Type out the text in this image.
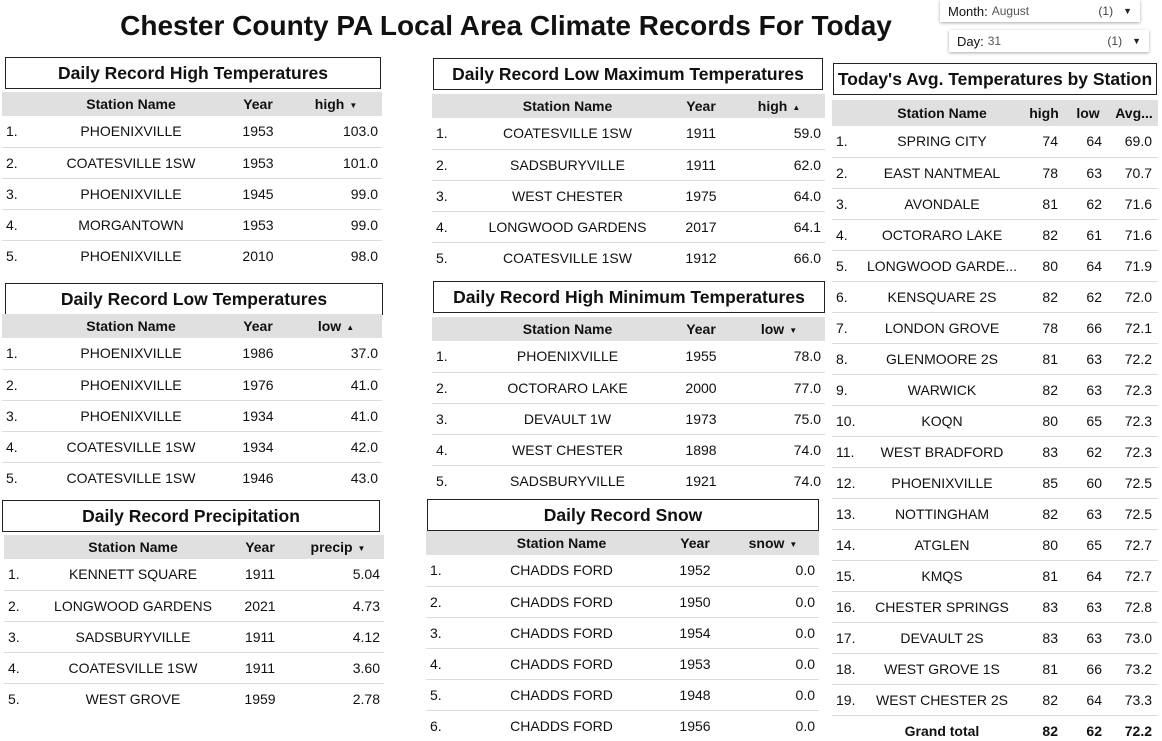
Chester County PA Local Area Climate Records For Today	Month: August	(1) ▼
Day: 31	(1) ▼
Daily Record High Temperatures
	Station Name	Year	high ▼
1.	PHOENIXVILLE	1953	103.0
2.	COATESVILLE 1SW	1953	101.0
3.	PHOENIXVILLE	1945	99.0
4.	MORGANTOWN	1953	99.0
5.	PHOENIXVILLE	2010	98.0
Daily Record Low Temperatures
	Station Name	Year	low ▲
1.	PHOENIXVILLE	1986	37.0
2.	PHOENIXVILLE	1976	41.0
3.	PHOENIXVILLE	1934	41.0
4.	COATESVILLE 1SW	1934	42.0
5.	COATESVILLE 1SW	1946	43.0
Daily Record Precipitation
	Station Name	Year	precip ▼
1.	KENNETT SQUARE	1911	5.04
2.	LONGWOOD GARDENS	2021	4.73
3.	SADSBURYVILLE	1911	4.12
4.	COATESVILLE 1SW	1911	3.60
5.	WEST GROVE	1959	2.78
Daily Record Low Maximum Temperatures
	Station Name	Year	high ▲
1.	COATESVILLE 1SW	1911	59.0
2.	SADSBURYVILLE	1911	62.0
3.	WEST CHESTER	1975	64.0
4.	LONGWOOD GARDENS	2017	64.1
5.	COATESVILLE 1SW	1912	66.0
Daily Record High Minimum Temperatures
	Station Name	Year	low ▼
1.	PHOENIXVILLE	1955	78.0
2.	OCTORARO LAKE	2000	77.0
3.	DEVAULT 1W	1973	75.0
4.	WEST CHESTER	1898	74.0
5.	SADSBURYVILLE	1921	74.0
Daily Record Snow
	Station Name	Year	snow ▼
1.	CHADDS FORD	1952	0.0
2.	CHADDS FORD	1950	0.0
3.	CHADDS FORD	1954	0.0
4.	CHADDS FORD	1953	0.0
5.	CHADDS FORD	1948	0.0
6.	CHADDS FORD	1956	0.0
Today's Avg. Temperatures by Station
	Station Name	high	low	Avg...
1.	SPRING CITY	74	64	69.0
2.	EAST NANTMEAL	78	63	70.7
3.	AVONDALE	81	62	71.6
4.	OCTORARO LAKE	82	61	71.6
5.	LONGWOOD GARDE...	80	64	71.9
6.	KENSQUARE 2S	82	62	72.0
7.	LONDON GROVE	78	66	72.1
8.	GLENMOORE 2S	81	63	72.2
9.	WARWICK	82	63	72.3
10.	KOQN	80	65	72.3
11.	WEST BRADFORD	83	62	72.3
12.	PHOENIXVILLE	85	60	72.5
13.	NOTTINGHAM	82	63	72.5
14.	ATGLEN	80	65	72.7
15.	KMQS	81	64	72.7
16.	CHESTER SPRINGS	83	63	72.8
17.	DEVAULT 2S	83	63	73.0
18.	WEST GROVE 1S	81	66	73.2
19.	WEST CHESTER 2S	82	64	73.3
	Grand total	82	62	72.2
